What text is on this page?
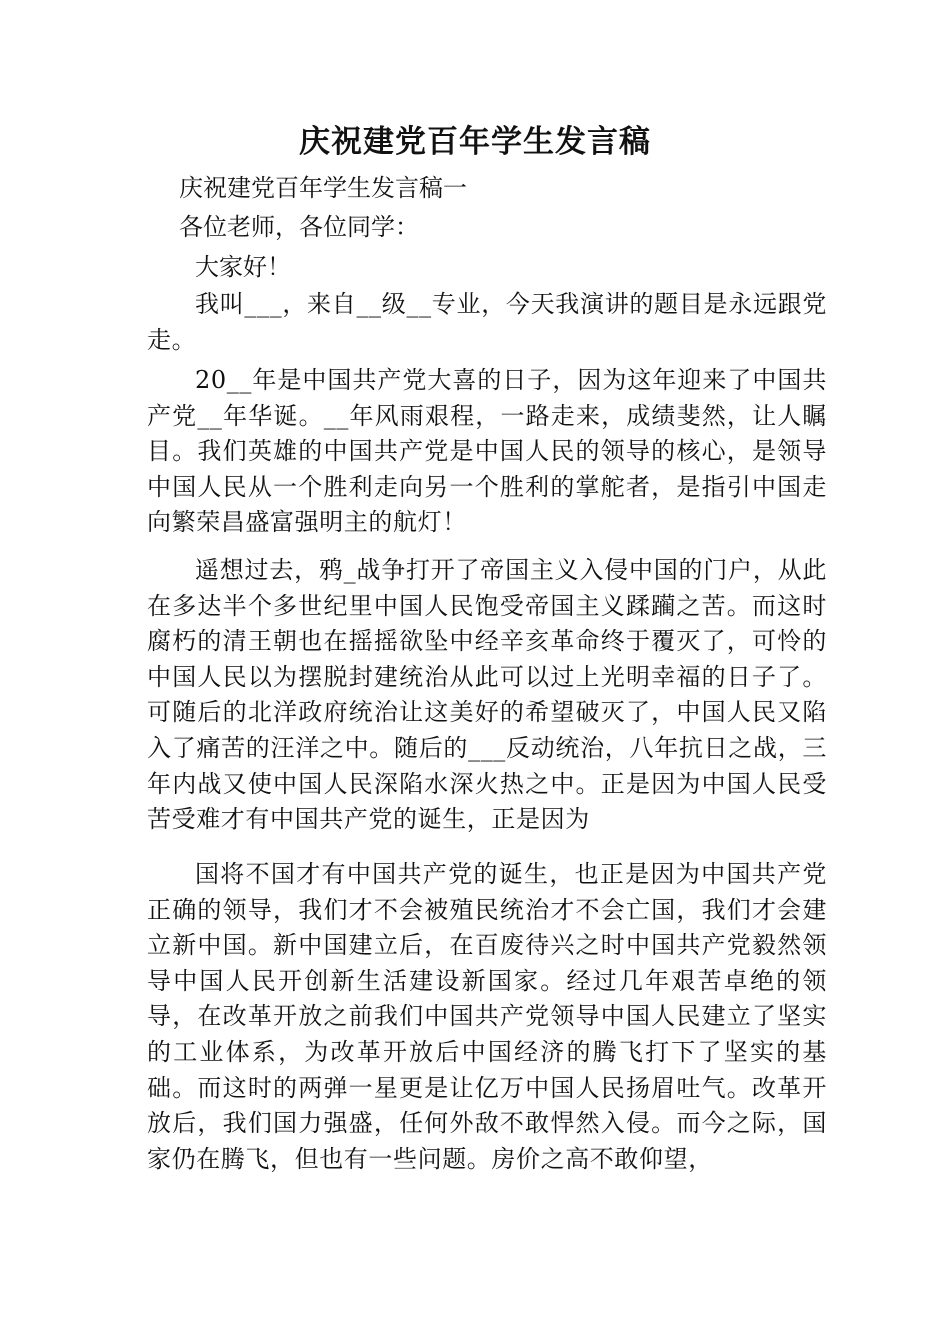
庆祝建党百年学生发言稿

庆祝建党百年学生发言稿一

各位老师，各位同学：

大家好！

我叫___，来自__级__专业，今天我演讲的题目是永远跟党走。

20__年是中国共产党大喜的日子，因为这年迎来了中国共产党__年华诞。__年风雨艰程，一路走来，成绩斐然，让人瞩目。我们英雄的中国共产党是中国人民的领导的核心，是领导中国人民从一个胜利走向另一个胜利的掌舵者，是指引中国走向繁荣昌盛富强明主的航灯！

遥想过去，鸦_战争打开了帝国主义入侵中国的门户，从此在多达半个多世纪里中国人民饱受帝国主义蹂躏之苦。而这时腐朽的清王朝也在摇摇欲坠中经辛亥革命终于覆灭了，可怜的中国人民以为摆脱封建统治从此可以过上光明幸福的日子了。可随后的北洋政府统治让这美好的希望破灭了，中国人民又陷入了痛苦的汪洋之中。随后的___反动统治，八年抗日之战，三年内战又使中国人民深陷水深火热之中。正是因为中国人民受苦受难才有中国共产党的诞生，正是因为

国将不国才有中国共产党的诞生，也正是因为中国共产党正确的领导，我们才不会被殖民统治才不会亡国，我们才会建立新中国。新中国建立后，在百废待兴之时中国共产党毅然领导中国人民开创新生活建设新国家。经过几年艰苦卓绝的领导，在改革开放之前我们中国共产党领导中国人民建立了坚实的工业体系，为改革开放后中国经济的腾飞打下了坚实的基础。而这时的两弹一星更是让亿万中国人民扬眉吐气。改革开放后，我们国力强盛，任何外敌不敢悍然入侵。而今之际，国家仍在腾飞，但也有一些问题。房价之高不敢仰望，
